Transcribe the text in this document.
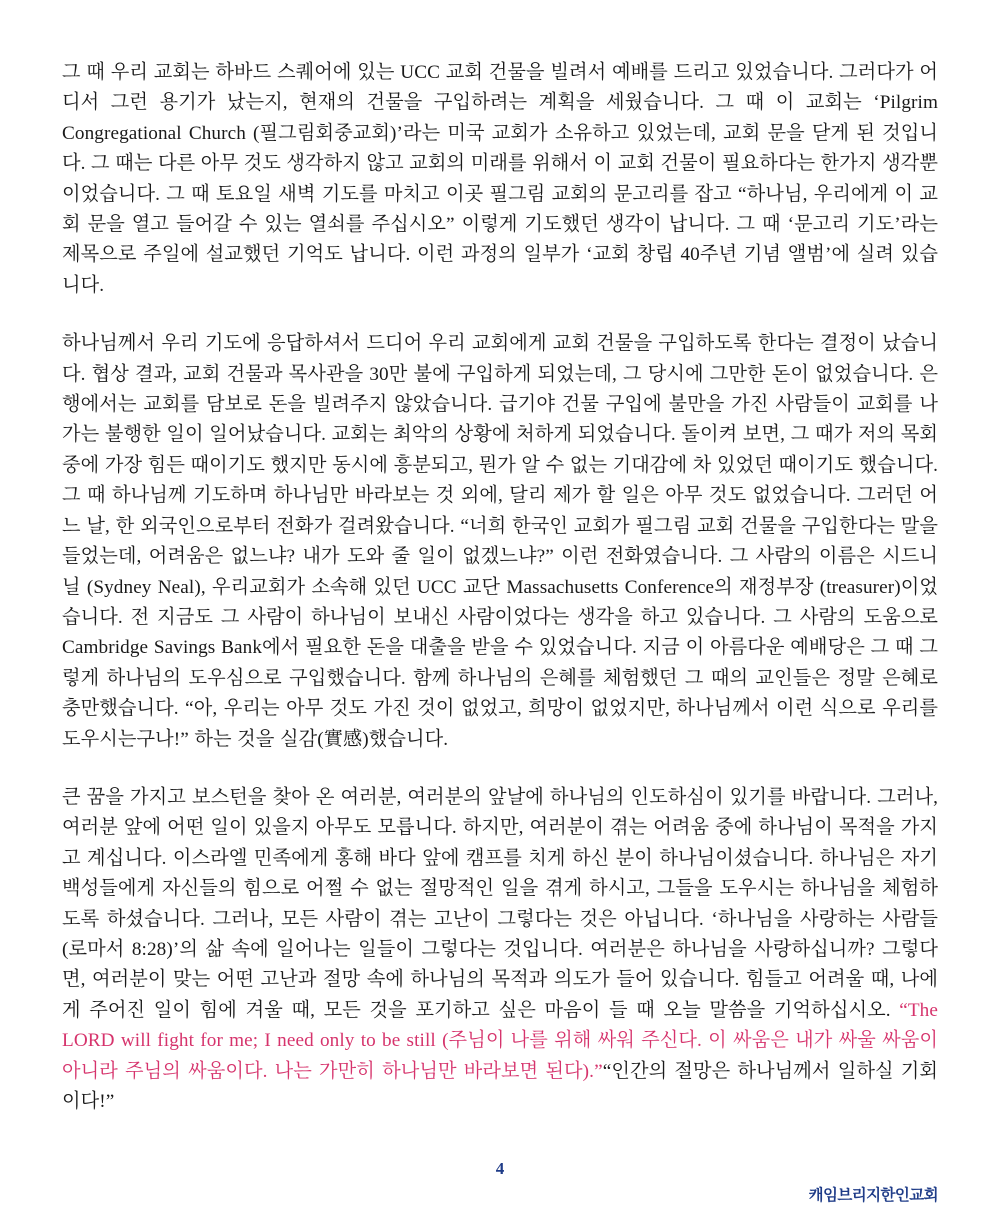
그 때 우리 교회는 하바드 스퀘어에 있는 UCC 교회 건물을 빌려서 예배를 드리고 있었습니다. 그러다가 어디서 그런 용기가 났는지, 현재의 건물을 구입하려는 계획을 세웠습니다. 그 때 이 교회는 ‘Pilgrim Congregational Church (필그림회중교회)’라는 미국 교회가 소유하고 있었는데, 교회 문을 닫게 된 것입니다. 그 때는 다른 아무 것도 생각하지 않고 교회의 미래를 위해서 이 교회 건물이 필요하다는 한가지 생각뿐이었습니다. 그 때 토요일 새벽 기도를 마치고 이곳 필그림 교회의 문고리를 잡고 “하나님, 우리에게 이 교회 문을 열고 들어갈 수 있는 열쇠를 주십시오” 이렇게 기도했던 생각이 납니다. 그 때 ‘문고리 기도’라는 제목으로 주일에 설교했던 기억도 납니다. 이런 과정의 일부가 ‘교회 창립 40주년 기념 앨범’에 실려 있습니다.

하나님께서 우리 기도에 응답하셔서 드디어 우리 교회에게 교회 건물을 구입하도록 한다는 결정이 났습니다. 협상 결과, 교회 건물과 목사관을 30만 불에 구입하게 되었는데, 그 당시에 그만한 돈이 없었습니다. 은행에서는 교회를 담보로 돈을 빌려주지 않았습니다. 급기야 건물 구입에 불만을 가진 사람들이 교회를 나가는 불행한 일이 일어났습니다. 교회는 최악의 상황에 처하게 되었습니다. 돌이켜 보면, 그 때가 저의 목회 중에 가장 힘든 때이기도 했지만 동시에 흥분되고, 뭔가 알 수 없는 기대감에 차 있었던 때이기도 했습니다. 그 때 하나님께 기도하며 하나님만 바라보는 것 외에, 달리 제가 할 일은 아무 것도 없었습니다. 그러던 어느 날, 한 외국인으로부터 전화가 걸려왔습니다. “너희 한국인 교회가 필그림 교회 건물을 구입한다는 말을 들었는데, 어려움은 없느냐? 내가 도와 줄 일이 없겠느냐?” 이런 전화였습니다. 그 사람의 이름은 시드니 닐 (Sydney Neal), 우리교회가 소속해 있던 UCC 교단 Massachusetts Conference의 재정부장 (treasurer)이었습니다. 전 지금도 그 사람이 하나님이 보내신 사람이었다는 생각을 하고 있습니다. 그 사람의 도움으로 Cambridge Savings Bank에서 필요한 돈을 대출을 받을 수 있었습니다. 지금 이 아름다운 예배당은 그 때 그렇게 하나님의 도우심으로 구입했습니다. 함께 하나님의 은혜를 체험했던 그 때의 교인들은 정말 은혜로 충만했습니다. “아, 우리는 아무 것도 가진 것이 없었고, 희망이 없었지만, 하나님께서 이런 식으로 우리를 도우시는구나!” 하는 것을 실감(實感)했습니다.

큰 꿈을 가지고 보스턴을 찾아 온 여러분, 여러분의 앞날에 하나님의 인도하심이 있기를 바랍니다. 그러나, 여러분 앞에 어떤 일이 있을지 아무도 모릅니다. 하지만, 여러분이 겪는 어려움 중에 하나님이 목적을 가지고 계십니다. 이스라엘 민족에게 홍해 바다 앞에 캠프를 치게 하신 분이 하나님이셨습니다. 하나님은 자기 백성들에게 자신들의 힘으로 어쩔 수 없는 절망적인 일을 겪게 하시고, 그들을 도우시는 하나님을 체험하도록 하셨습니다. 그러나, 모든 사람이 겪는 고난이 그렇다는 것은 아닙니다. ‘하나님을 사랑하는 사람들 (로마서 8:28)’의 삶 속에 일어나는 일들이 그렇다는 것입니다. 여러분은 하나님을 사랑하십니까? 그렇다면, 여러분이 맞는 어떤 고난과 절망 속에 하나님의 목적과 의도가 들어 있습니다. 힘들고 어려울 때, 나에게 주어진 일이 힘에 겨울 때, 모든 것을 포기하고 싶은 마음이 들 때 오늘 말씀을 기억하십시오. “The LORD will fight for me; I need only to be still (주님이 나를 위해 싸워 주신다. 이 싸움은 내가 싸울 싸움이 아니라 주님의 싸움이다. 나는 가만히 하나님만 바라보면 된다).”“인간의 절망은 하나님께서 일하실 기회이다!”

4
캐임브리지한인교회
